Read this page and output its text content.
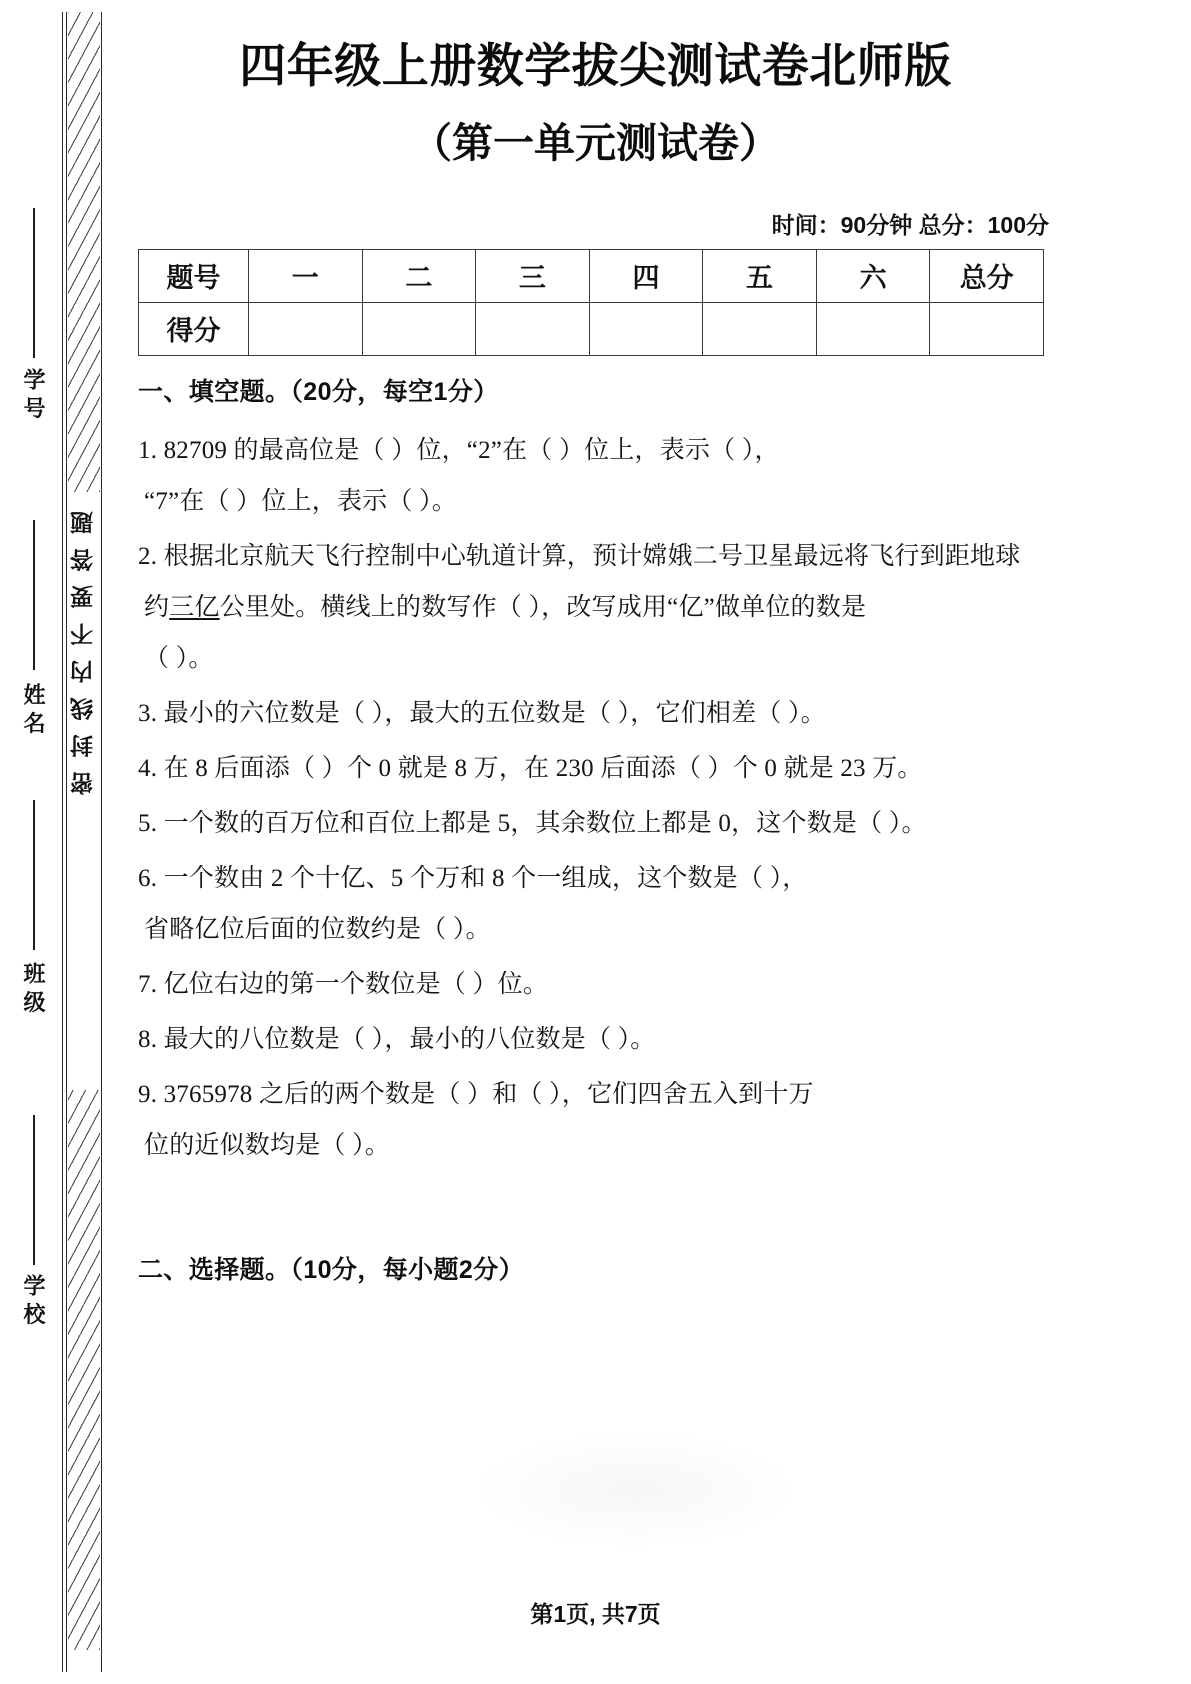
密封线内不要答题
学号
姓名
班级
学校
四年级上册数学拔尖测试卷北师版
（第一单元测试卷）
时间：90分钟 总分：100分
题号	一	二	三	四	五	六	总分
得分							
一、填空题。（20分，每空1分）
1. 82709 的最高位是（ ）位，“2”在（ ）位上，表示（ ），
“7”在（ ）位上，表示（ ）。
2. 根据北京航天飞行控制中心轨道计算，预计嫦娥二号卫星最远将飞行到距地球
约三亿公里处。横线上的数写作（ ），改写成用“亿”做单位的数是
（ ）。
3. 最小的六位数是（ ），最大的五位数是（ ），它们相差（ ）。
4. 在 8 后面添（ ）个 0 就是 8 万，在 230 后面添（ ）个 0 就是 23 万。
5. 一个数的百万位和百位上都是 5，其余数位上都是 0，这个数是（ ）。
6. 一个数由 2 个十亿、5 个万和 8 个一组成，这个数是（ ），
省略亿位后面的位数约是（ ）。
7. 亿位右边的第一个数位是（ ）位。
8. 最大的八位数是（ ），最小的八位数是（ ）。
9. 3765978 之后的两个数是（ ）和（ ），它们四舍五入到十万
位的近似数均是（ ）。
二、选择题。（10分，每小题2分）
第1页, 共7页
